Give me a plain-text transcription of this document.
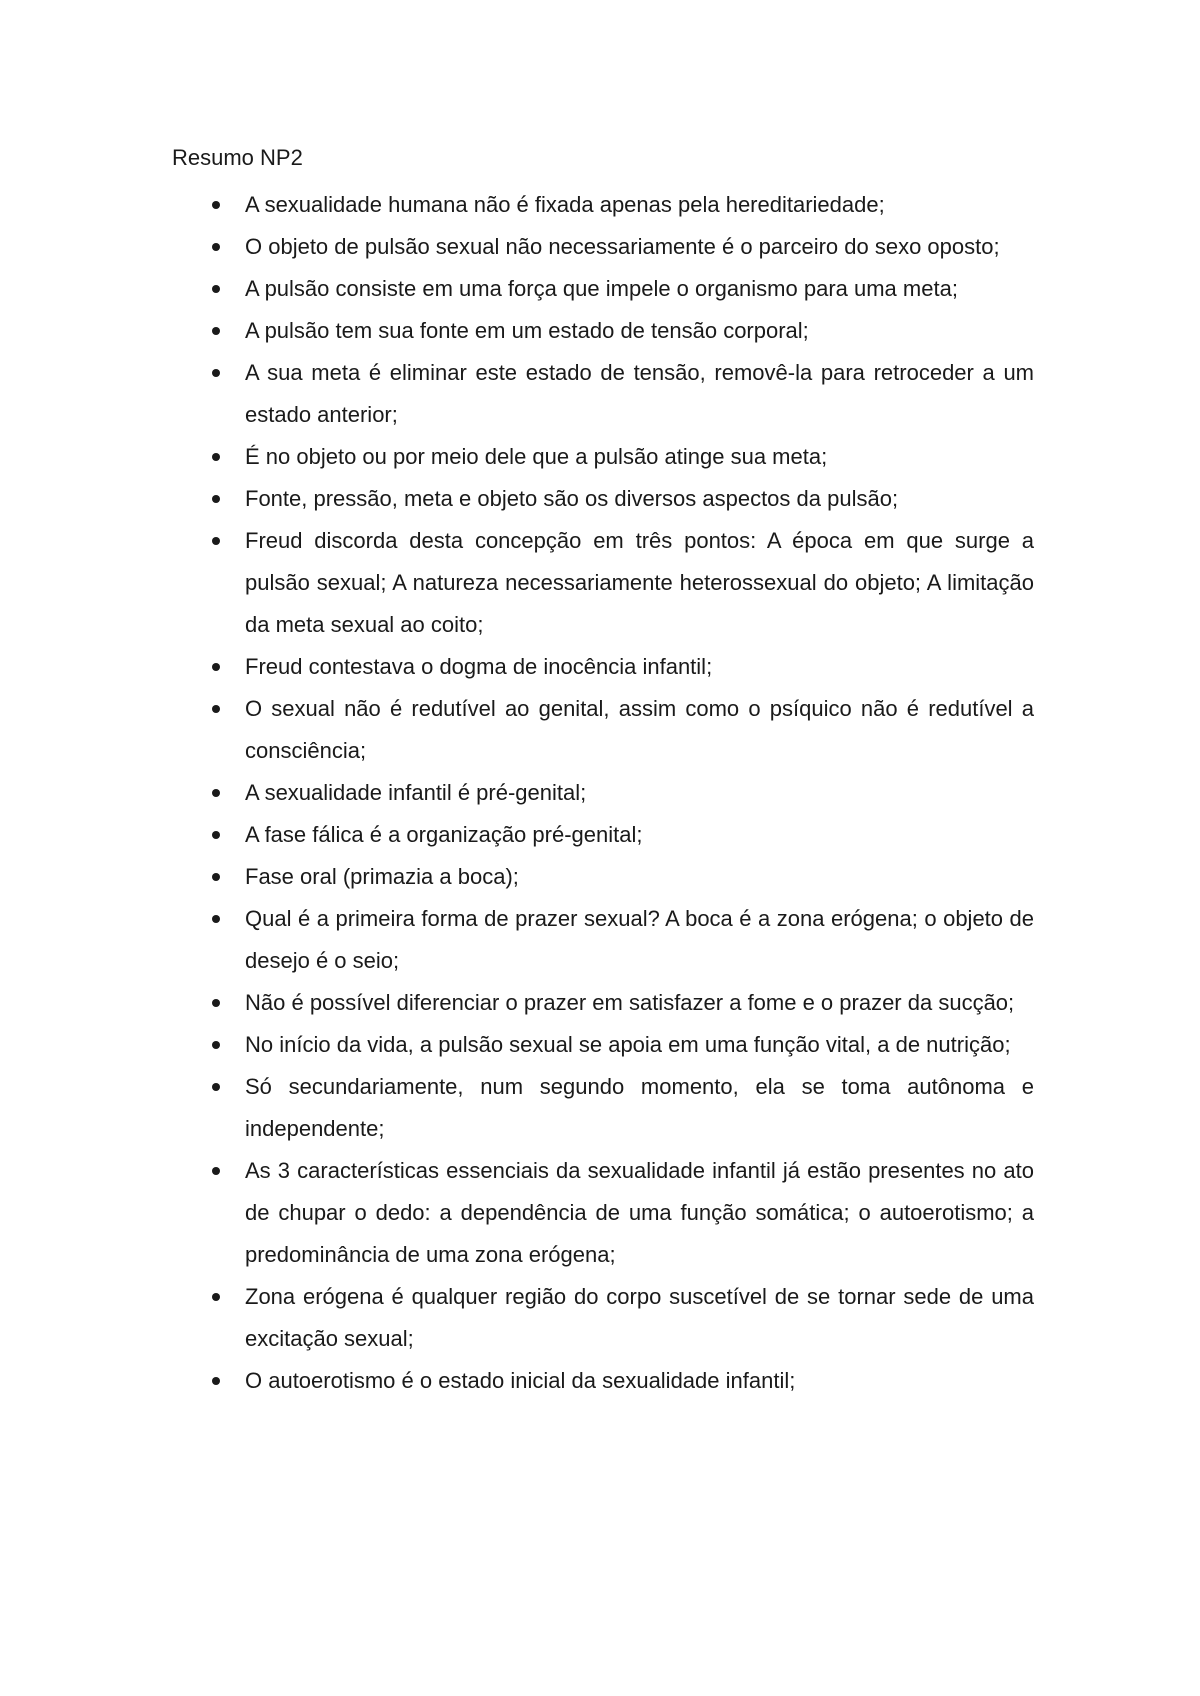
Resumo NP2
A sexualidade humana não é fixada apenas pela hereditariedade;
O objeto de pulsão sexual não necessariamente é o parceiro do sexo oposto;
A pulsão consiste em uma força que impele o organismo para uma meta;
A pulsão tem sua fonte em um estado de tensão corporal;
A sua meta é eliminar este estado de tensão, removê-la para retroceder a um estado anterior;
É no objeto ou por meio dele que a pulsão atinge sua meta;
Fonte, pressão, meta e objeto são os diversos aspectos da pulsão;
Freud discorda desta concepção em três pontos: A época em que surge a pulsão sexual; A natureza necessariamente heterossexual do objeto; A limitação da meta sexual ao coito;
Freud contestava o dogma de inocência infantil;
O sexual não é redutível ao genital, assim como o psíquico não é redutível a consciência;
A sexualidade infantil é pré-genital;
A fase fálica é a organização pré-genital;
Fase oral (primazia a boca);
Qual é a primeira forma de prazer sexual? A boca é a zona erógena; o objeto de desejo é o seio;
Não é possível diferenciar o prazer em satisfazer a fome e o prazer da sucção;
No início da vida, a pulsão sexual se apoia em uma função vital, a de nutrição;
Só secundariamente, num segundo momento, ela se toma autônoma e independente;
As 3 características essenciais da sexualidade infantil já estão presentes no ato de chupar o dedo: a dependência de uma função somática; o autoerotismo; a predominância de uma zona erógena;
Zona erógena é qualquer região do corpo suscetível de se tornar sede de uma excitação sexual;
O autoerotismo é o estado inicial da sexualidade infantil;
